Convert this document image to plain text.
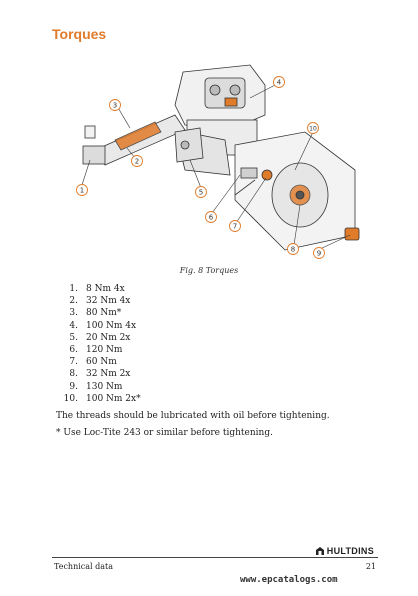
Torques
1
2
3
4
5
6
7
8	9
10
Fig. 8 Torques
1. 8 Nm 4x
2. 32 Nm 4x
3. 80 Nm*
4. 100 Nm 4x
5. 20 Nm 2x
6. 120 Nm
7. 60 Nm
8. 32 Nm 2x
9. 130 Nm
10. 100 Nm 2x*
The threads should be lubricated with oil before tightening.
* Use Loc-Tite 243 or similar before tightening.
HULTDINS
Technical data	21
www.epcatalogs.com
